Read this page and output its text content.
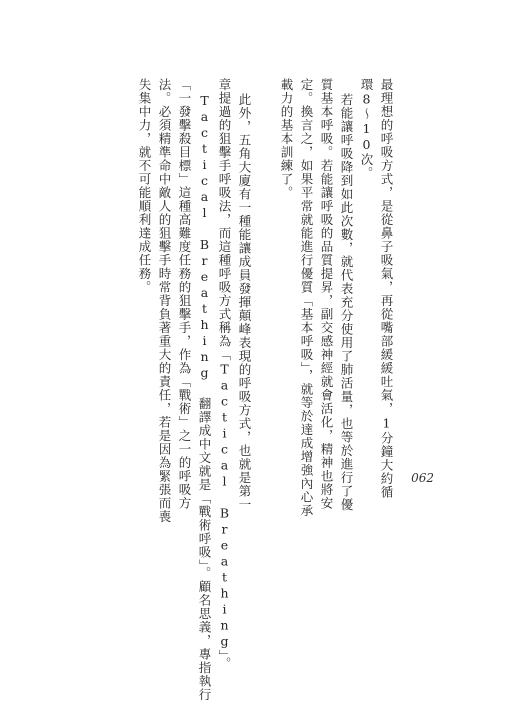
最理想的呼吸方式，是從鼻子吸氣，再從嘴部緩緩吐氣，1分鐘大約循
環8～10次。
若能讓呼吸降到如此次數，就代表充分使用了肺活量，也等於進行了優
質基本呼吸。若能讓呼吸的品質提昇，副交感神經就會活化，精神也將安
定。換言之，如果平常就能進行優質「基本呼吸」，就等於達成增強內心承
載力的基本訓練了。
此外，五角大廈有一種能讓成員發揮顛峰表現的呼吸方式，也就是第一
章提過的狙擊手呼吸法，而這種呼吸方式稱為「Tactical Breathing」。
Tactical Breathing 翻譯成中文就是「戰術呼吸」。顧名思義，專指執行
「一發擊殺目標」這種高難度任務的狙擊手，作為「戰術」之一的呼吸方
法。必須精準命中敵人的狙擊手時常背負著重大的責任，若是因為緊張而喪
失集中力，就不可能順利達成任務。
062
